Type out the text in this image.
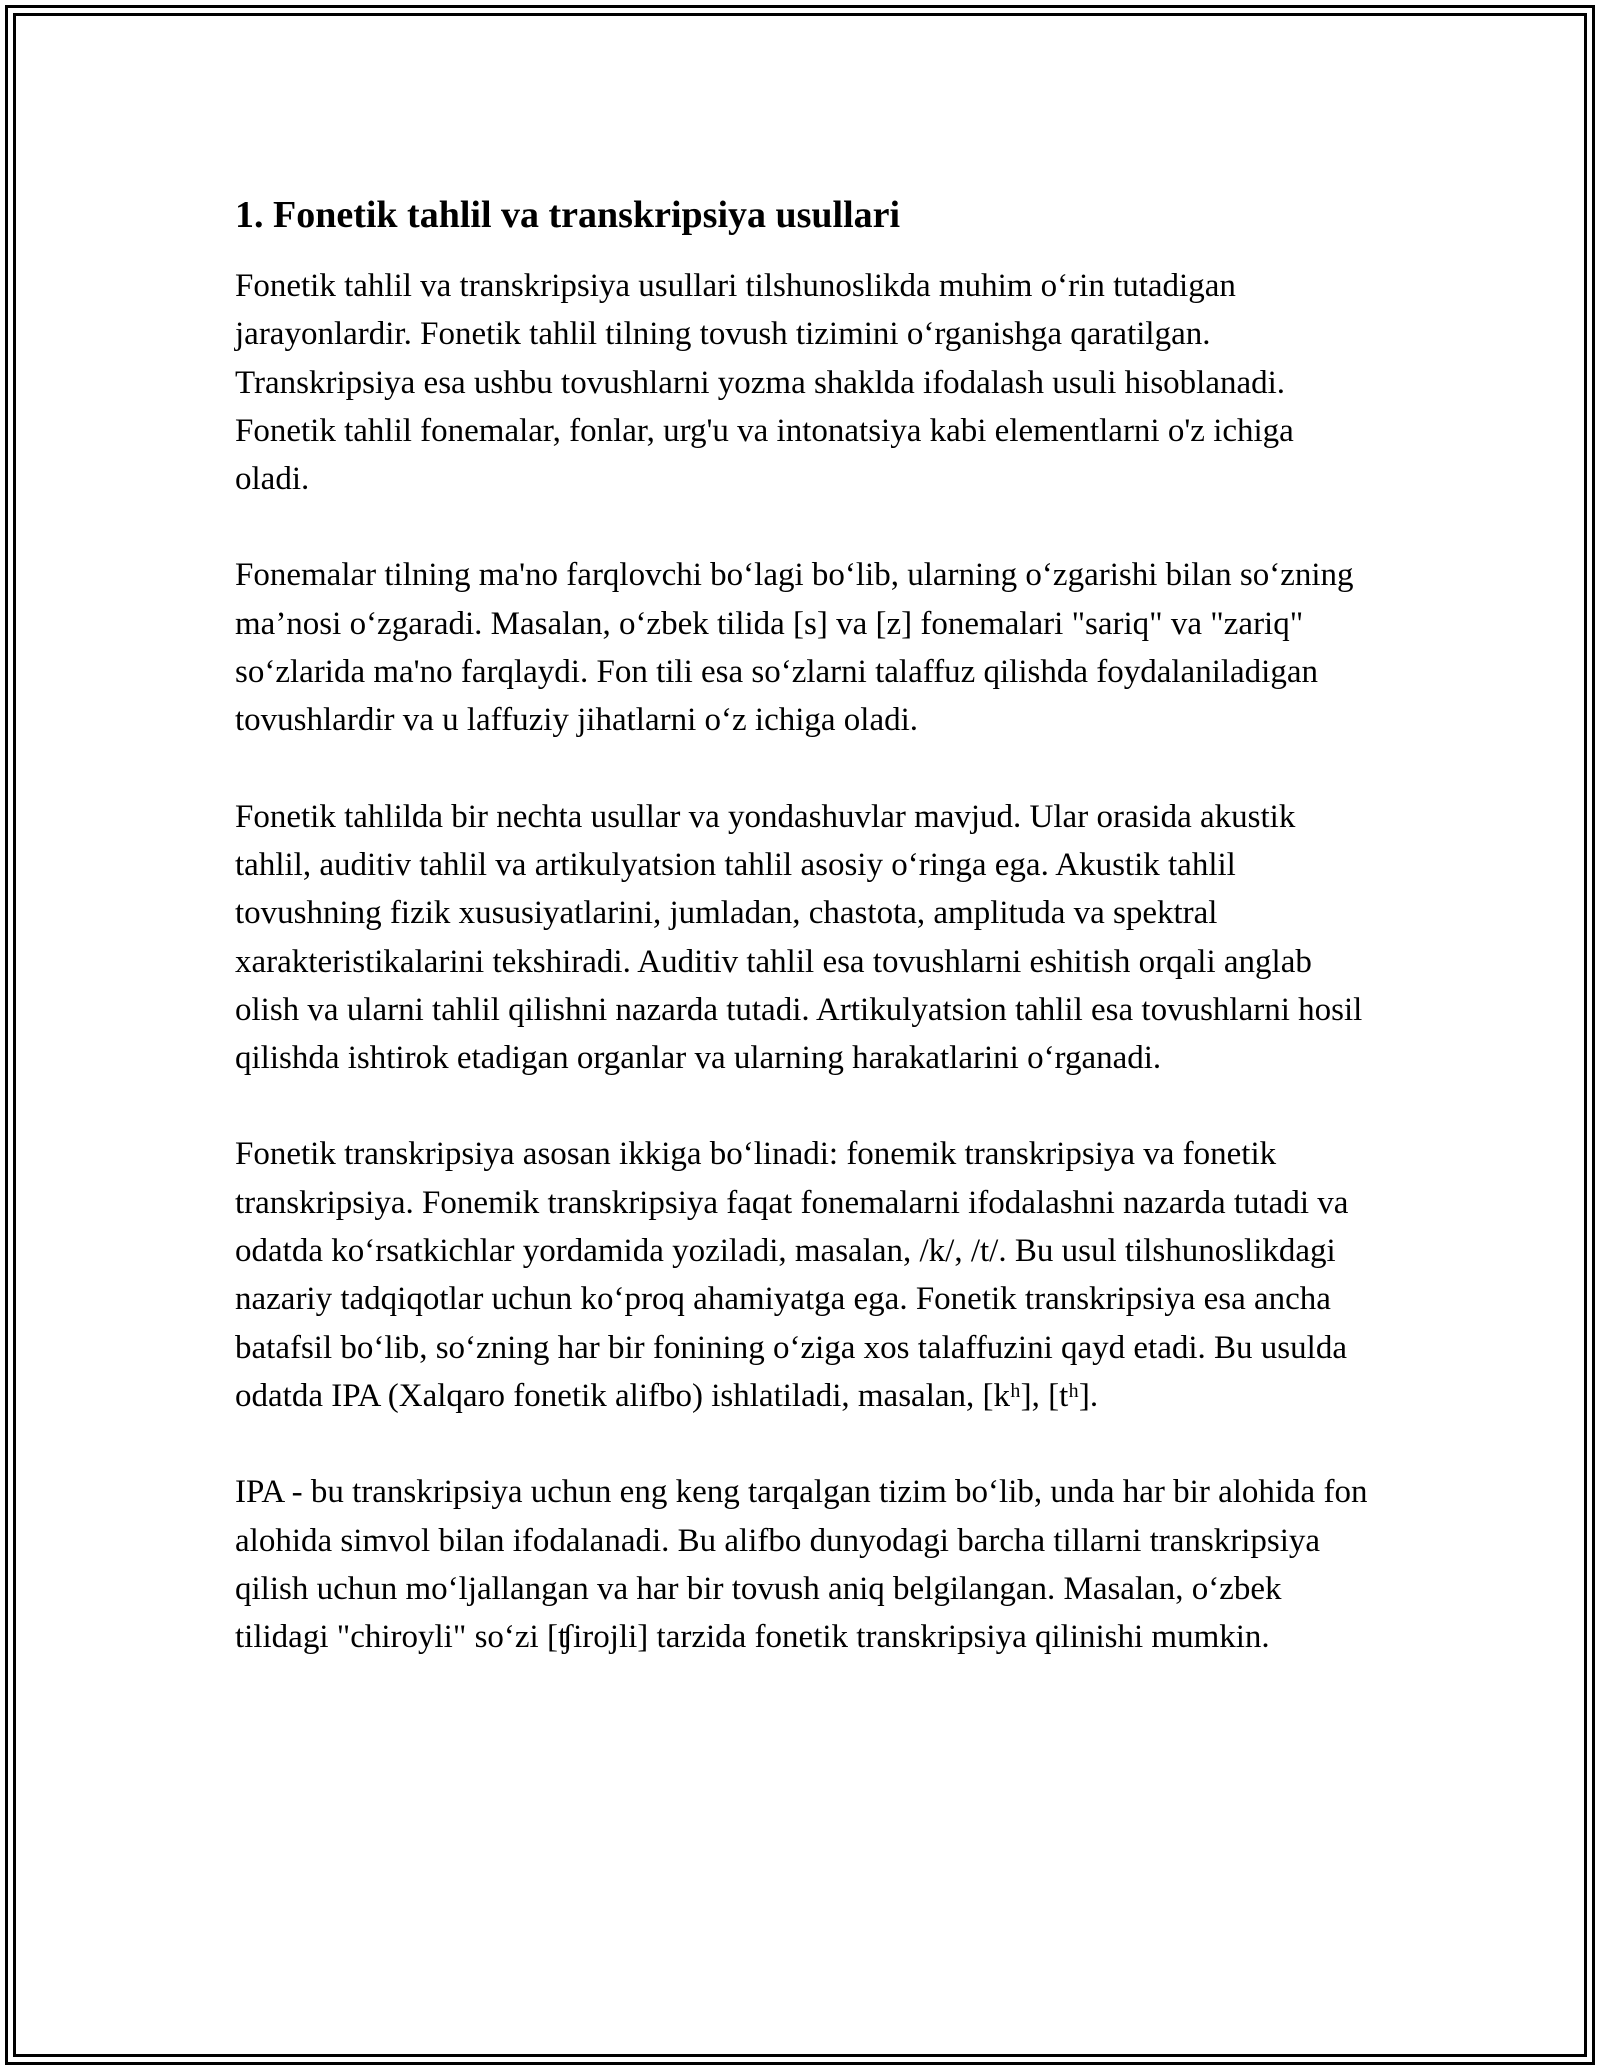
1. Fonetik tahlil va transkripsiya usullari

Fonetik tahlil va transkripsiya usullari tilshunoslikda muhim o‘rin tutadigan jarayonlardir. Fonetik tahlil tilning tovush tizimini o‘rganishga qaratilgan. Transkripsiya esa ushbu tovushlarni yozma shaklda ifodalash usuli hisoblanadi. Fonetik tahlil fonemalar, fonlar, urg'u va intonatsiya kabi elementlarni o'z ichiga oladi.

Fonemalar tilning ma'no farqlovchi bo‘lagi bo‘lib, ularning o‘zgarishi bilan so‘zning ma’nosi o‘zgaradi. Masalan, o‘zbek tilida [s] va [z] fonemalari "sariq" va "zariq" so‘zlarida ma'no farqlaydi. Fon tili esa so‘zlarni talaffuz qilishda foydalaniladigan tovushlardir va u laffuziy jihatlarni o‘z ichiga oladi.

Fonetik tahlilda bir nechta usullar va yondashuvlar mavjud. Ular orasida akustik tahlil, auditiv tahlil va artikulyatsion tahlil asosiy o‘ringa ega. Akustik tahlil tovushning fizik xususiyatlarini, jumladan, chastota, amplituda va spektral xarakteristikalarini tekshiradi. Auditiv tahlil esa tovushlarni eshitish orqali anglab olish va ularni tahlil qilishni nazarda tutadi. Artikulyatsion tahlil esa tovushlarni hosil qilishda ishtirok etadigan organlar va ularning harakatlarini o‘rganadi.

Fonetik transkripsiya asosan ikkiga bo‘linadi: fonemik transkripsiya va fonetik transkripsiya. Fonemik transkripsiya faqat fonemalarni ifodalashni nazarda tutadi va odatda ko‘rsatkichlar yordamida yoziladi, masalan, /k/, /t/. Bu usul tilshunoslikdagi nazariy tadqiqotlar uchun ko‘proq ahamiyatga ega. Fonetik transkripsiya esa ancha batafsil bo‘lib, so‘zning har bir fonining o‘ziga xos talaffuzini qayd etadi. Bu usulda odatda IPA (Xalqaro fonetik alifbo) ishlatiladi, masalan, [kʰ], [tʰ].

IPA - bu transkripsiya uchun eng keng tarqalgan tizim bo‘lib, unda har bir alohida fon alohida simvol bilan ifodalanadi. Bu alifbo dunyodagi barcha tillarni transkripsiya qilish uchun mo‘ljallangan va har bir tovush aniq belgilangan. Masalan, o‘zbek tilidagi "chiroyli" so‘zi [ʧirojli] tarzida fonetik transkripsiya qilinishi mumkin.
